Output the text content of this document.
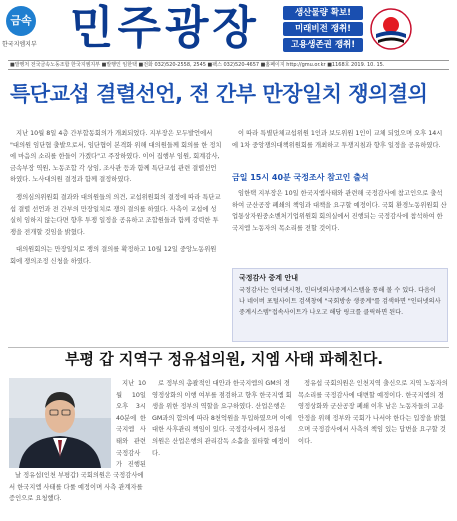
금속
한국지엠지부 민주광장	생산물량 확보!
미래비전 쟁취!
고용생존권 쟁취!
■발행처 전국금속노동조합 한국지엠지부 ■발행인 임한택 ■전화 032)520-2558, 2545 ■팩스 032)520-4657 ■홈페이지 http://gmu.or.kr ■1168호 2019. 10. 15.
특단교섭 결렬선언, 전 간부 만장일치 쟁의결의

지난 10월 8일 4층 간부합동회의가 개최되었다. 지부장은 모두발언에서 "대의원 임단협 출발으로서, 임단협이 본격화 위해 대의원들께 회의를 한 정치에 마음의 소리를 한들이 가겠다"고 주장하였다. 이어 집행부 임원, 회계감사, 금속부장 역원, 노동조합 각 상임, 조사관 등과 함께 특단교섭 관련 결렬선언하였다. 노사대의원 결정과 함께 결정하였다.

쟁의심의위원회 결과와 대의원들의 의견, 교섭위원회의 결정에 따라 특단교섭 결렬 선언과 전 간부의 만장일치로 쟁의 결의를 하였다. 사측이 교섭에 성실히 임하지 않는다면 향후 투쟁 일정을 공유하고 조합원들과 함께 강력한 투쟁을 전개할 것임을 밝혔다.

대의원회의는 만장일치로 쟁의 결의를 확정하고 10월 12일 중앙노동위원회에 쟁의조정 신청을 하였다.

이 따라 특별단체교섭위원 1인과 보도위원 1인이 교체 되었으며 오후 14시에 1차 중앙쟁의대책위원회를 개최하고 투쟁지침과 향후 일정을 공유하였다.

금일 15시 40분 국정조사 참고인 출석

임한택 지부장은 10일 한국지엠사태와 관련해 국정감사에 참고인으로 출석하여 군산공장 폐쇄의 책임과 대책을 요구할 예정이다. 국회 환경노동위원회 산업통상자원중소벤처기업위원회 회의실에서 진행되는 국정감사에 참석하여 한국지엠 노동자의 목소리를 전할 것이다.

국정감사 중계 안내
국정감사는 인터넷시청, 인터넷의사중계시스템을 통해 볼 수 있다. 다음이나 네이버 포털사이트 검색창에 "국회방송 생중계"를 검색하면 "인터넷의사중계시스템"접속사이트가 나오고 해당 링크를 클릭하면 된다.
부평 갑 지역구 정유섭의원, 지엠 사태 파헤친다.

지난 10월 10일 오후 3시 40분에 한국지엠 사태와 관련 국정감사가 진행된

날 정유섭(인천 부평갑) 국회의원은 국정감사에서 한국지엠 사태를 다룰 예정이며 사측 관계자를 증인으로 요청했다.

로 정부의 총괄적인 대안과 한국지엠의 GM의 경영정상화의 이행 여부를 점검하고 향후 한국지엠 회생을 위한 정부의 역할을 요구하였다. 산업은행은 GM과의 합의에 따라 8천억원을 투입하였으며 이에 대한 사후관리 책임이 있다. 국정감사에서 정유섭 의원은 산업은행의 관리감독 소홀을 질타할 예정이다.

정유섭 국회의원은 인천지역 출신으로 지역 노동자의 목소리를 국정감사에 대변할 예정이다. 한국지엠의 경영정상화와 군산공장 폐쇄 이후 남은 노동자들의 고용안정을 위해 정부와 국회가 나서야 한다는 입장을 밝혔으며 국정감사에서 사측의 책임 있는 답변을 요구할 것이다.
